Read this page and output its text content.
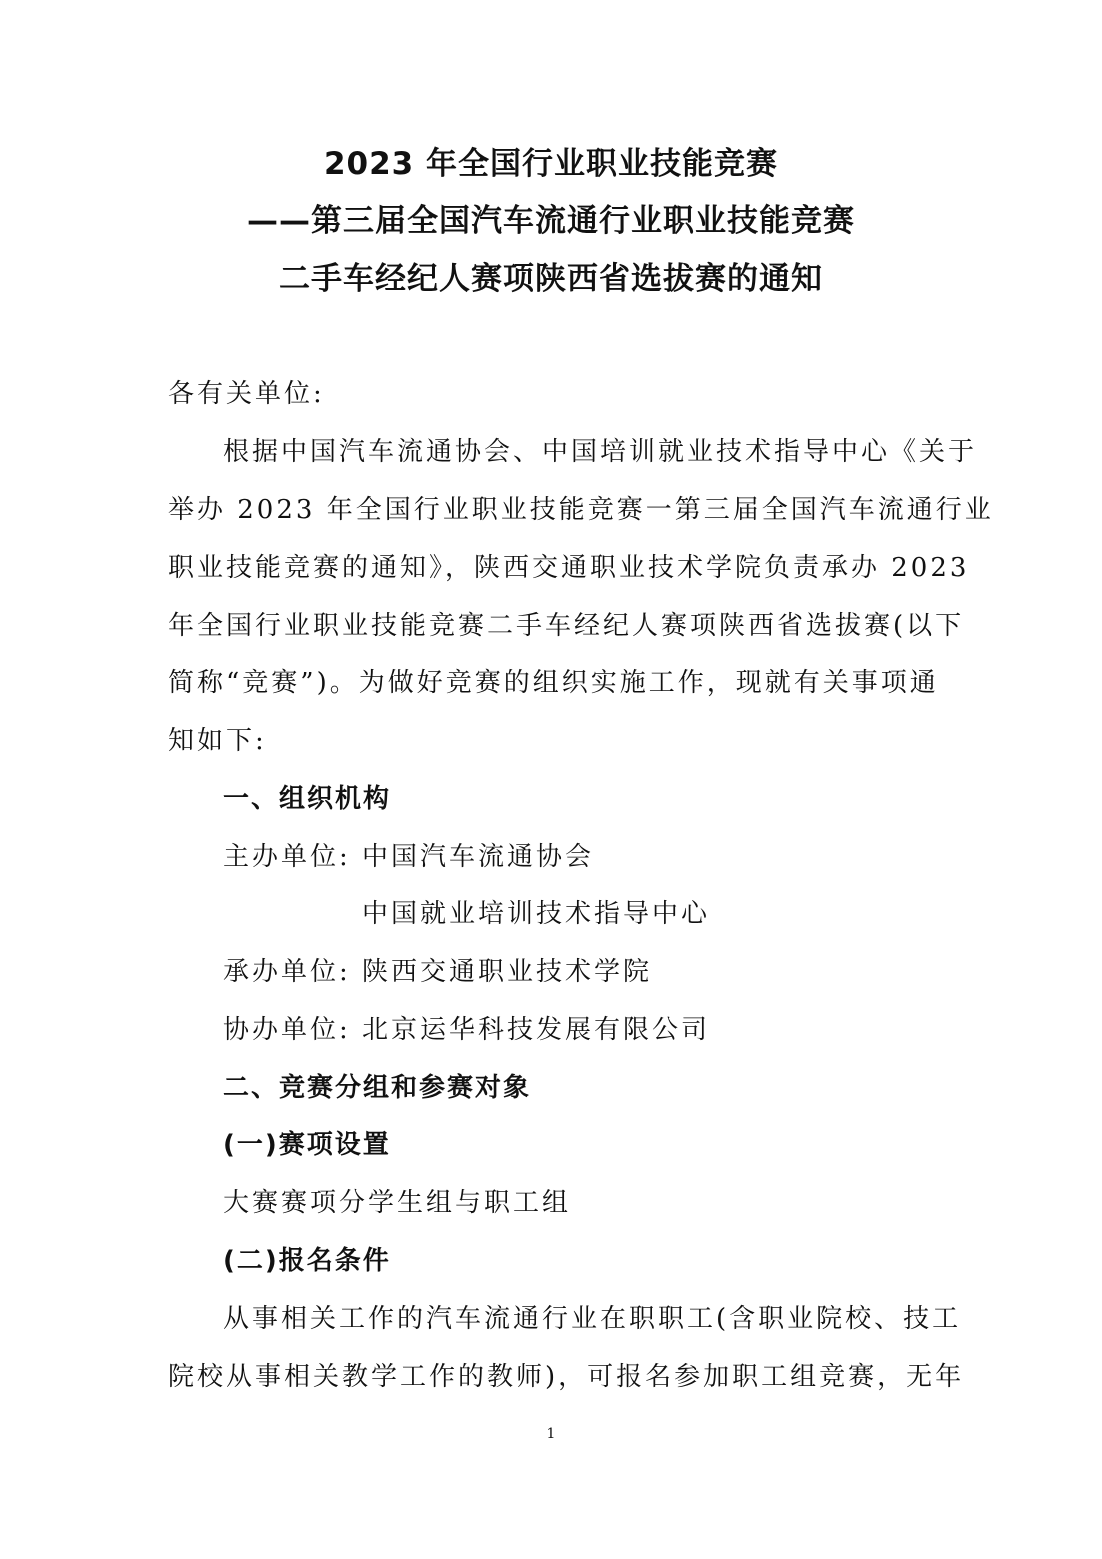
2023 年全国行业职业技能竞赛
——第三届全国汽车流通行业职业技能竞赛
二手车经纪人赛项陕西省选拔赛的通知
各有关单位:
根据中国汽车流通协会、中国培训就业技术指导中心《关于
举办 2023 年全国行业职业技能竞赛一第三届全国汽车流通行业
职业技能竞赛的通知》，陕西交通职业技术学院负责承办 2023
年全国行业职业技能竞赛二手车经纪人赛项陕西省选拔赛(以下
简称“竞赛”)。为做好竞赛的组织实施工作，现就有关事项通
知如下:
一、组织机构
主办单位: 中国汽车流通协会
中国就业培训技术指导中心
承办单位: 陕西交通职业技术学院
协办单位: 北京运华科技发展有限公司
二、竞赛分组和参赛对象
(一)赛项设置
大赛赛项分学生组与职工组
(二)报名条件
从事相关工作的汽车流通行业在职职工(含职业院校、技工
院校从事相关教学工作的教师)，可报名参加职工组竞赛，无年
1
